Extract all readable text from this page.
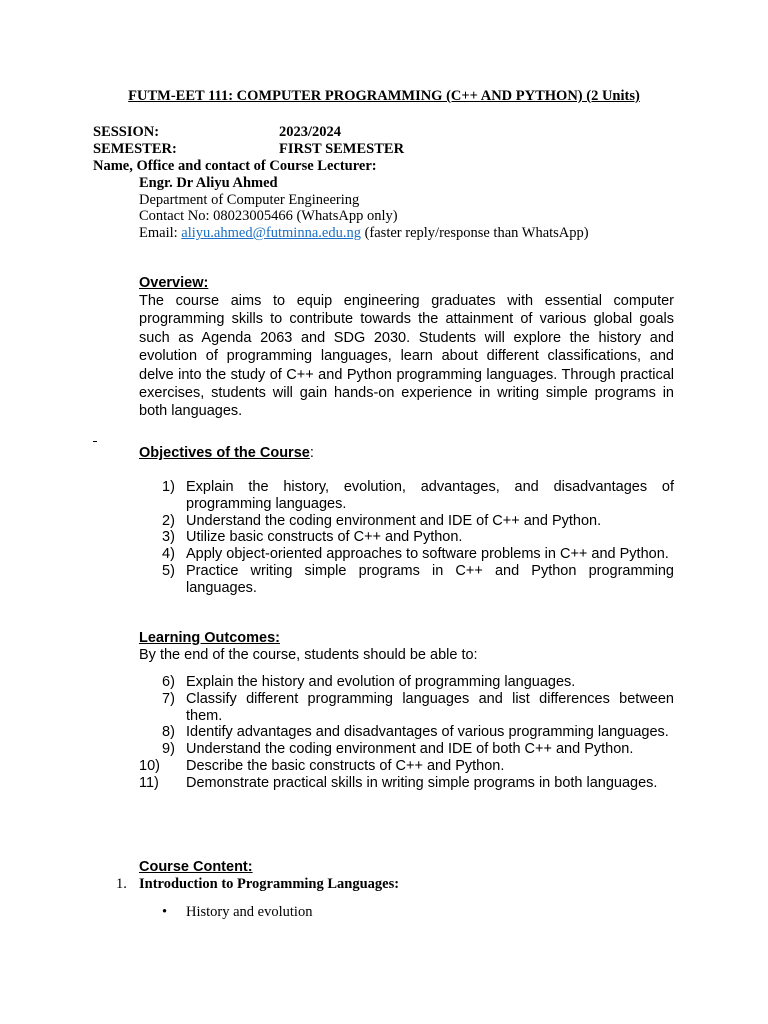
FUTM-EET 111: COMPUTER PROGRAMMING (C++ AND PYTHON) (2 Units)
SESSION:	2023/2024
SEMESTER:	FIRST SEMESTER
Name, Office and contact of Course Lecturer:
Engr. Dr Aliyu Ahmed
Department of Computer Engineering
Contact No: 08023005466 (WhatsApp only)
Email: aliyu.ahmed@futminna.edu.ng (faster reply/response than WhatsApp)
Overview:
The course aims to equip engineering graduates with essential computer programming skills to contribute towards the attainment of various global goals such as Agenda 2063 and SDG 2030. Students will explore the history and evolution of programming languages, learn about different classifications, and delve into the study of C++ and Python programming languages. Through practical exercises, students will gain hands-on experience in writing simple programs in both languages.
Objectives of the Course:
1) Explain the history, evolution, advantages, and disadvantages of programming languages.
2) Understand the coding environment and IDE of C++ and Python.
3) Utilize basic constructs of C++ and Python.
4) Apply object-oriented approaches to software problems in C++ and Python.
5) Practice writing simple programs in C++ and Python programming languages.
Learning Outcomes:
By the end of the course, students should be able to:
6) Explain the history and evolution of programming languages.
7) Classify different programming languages and list differences between them.
8) Identify advantages and disadvantages of various programming languages.
9) Understand the coding environment and IDE of both C++ and Python.
10) Describe the basic constructs of C++ and Python.
11) Demonstrate practical skills in writing simple programs in both languages.
Course Content:
1. Introduction to Programming Languages:
• History and evolution
